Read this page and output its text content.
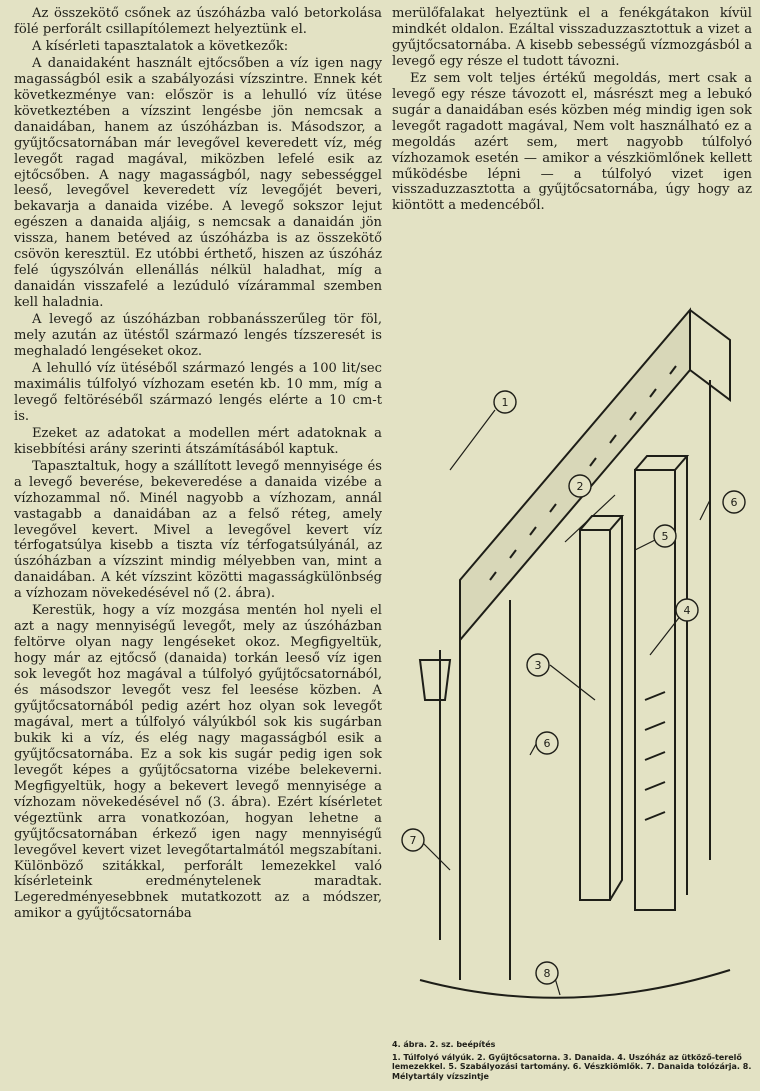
Az összekötő csőnek az úszóházba való betorkolása fölé perforált csillapítólemezt helyeztünk el.

A kísérleti tapasztalatok a következők:

A danaidaként használt ejtőcsőben a víz igen nagy magasságból esik a szabályozási vízszintre. Ennek két következménye van: először is a lehulló víz ütése következtében a vízszint lengésbe jön nemcsak a danaidában, hanem az úszóházban is. Másodszor, a gyűjtőcsatornában már levegővel keveredett víz, még levegőt ragad magával, miközben lefelé esik az ejtőcsőben. A nagy magasságból, nagy sebességgel leeső, levegővel keveredett víz levegőjét beveri, bekavarja a danaida vizébe. A levegő sokszor lejut egészen a danaida aljáig, s nemcsak a danaidán jön vissza, hanem betéved az úszóházba is az összekötő csövön keresztül. Ez utóbbi érthető, hiszen az úszóház felé úgyszólván ellenállás nélkül haladhat, míg a danaidán visszafelé a lezúduló vízárammal szemben kell haladnia.

A levegő az úszóházban robbanásszerűleg tör föl, mely azután az ütéstől származó lengés tízszeresét is meghaladó lengéseket okoz.

A lehulló víz ütéséből származó lengés a 100 lit/sec maximális túlfolyó vízhozam esetén kb. 10 mm, míg a levegő feltöréséből származó lengés elérte a 10 cm-t is.

Ezeket az adatokat a modellen mért adatoknak a kisebbítési arány szerinti átszámításából kaptuk.

Tapasztaltuk, hogy a szállított levegő mennyisége és a levegő beverése, bekeveredése a danaida vizébe a vízhozammal nő. Minél nagyobb a vízhozam, annál vastagabb a danaidában az a felső réteg, amely levegővel kevert. Mivel a levegővel kevert víz térfogatsúlya kisebb a tiszta víz térfogatsúlyánál, az úszóházban a vízszint mindig mélyebben van, mint a danaidában. A két vízszint közötti magasságkülönbség a vízhozam növekedésével nő (2. ábra).

Kerestük, hogy a víz mozgása mentén hol nyeli el azt a nagy mennyiségű levegőt, mely az úszóházban feltörve olyan nagy lengéseket okoz. Megfigyeltük, hogy már az ejtőcső (danaida) torkán leeső víz igen sok levegőt hoz magával a túlfolyó gyűjtőcsatornából, és másodszor levegőt vesz fel leesése közben. A gyűjtőcsatornából pedig azért hoz olyan sok levegőt magával, mert a túlfolyó vályúkból sok kis sugárban bukik ki a víz, és elég nagy magasságból esik a gyűjtőcsatornába. Ez a sok kis sugár pedig igen sok levegőt képes a gyűjtőcsatorna vizébe belekeverni. Megfigyeltük, hogy a bekevert levegő mennyisége a vízhozam növekedésével nő (3. ábra). Ezért kísérletet végeztünk arra vonatkozóan, hogyan lehetne a gyűjtőcsatornában érkező igen nagy mennyiségű levegővel kevert vizet levegőtartalmától megszabítani. Különböző szitákkal, perforált lemezekkel való kísérleteink eredménytelenek maradtak. Legeredményesebbnek mutatkozott az a módszer, amikor a gyűjtőcsatornába

merülőfalakat helyeztünk el a fenékgátakon kívül mindkét oldalon. Ezáltal visszaduzzasztottuk a vizet a gyűjtőcsatornába. A kisebb sebességű vízmozgásból a levegő egy része el tudott távozni.

Ez sem volt teljes értékű megoldás, mert csak a levegő egy része távozott el, másrészt meg a lebukó sugár a danaidában esés közben még mindig igen sok levegőt ragadott magával, Nem volt használható ez a megoldás azért sem, mert nagyobb túlfolyó vízhozamok esetén — amikor a vészkiömlőnek kellett működésbe lépni — a túlfolyó vizet igen visszaduzzasztotta a gyűjtőcsatornába, úgy hogy az kiöntött a medencéből.

1
2
3
4
5
6
6
7
8
4. ábra. 2. sz. beépítés
1. Túlfolyó vályúk. 2. Gyűjtőcsatorna. 3. Danaida. 4. Uszóház az ütköző-terelő lemezekkel. 5. Szabályozási tartomány. 6. Vészkiömlők. 7. Danaida tolózárja. 8. Mélytartály vízszintje
